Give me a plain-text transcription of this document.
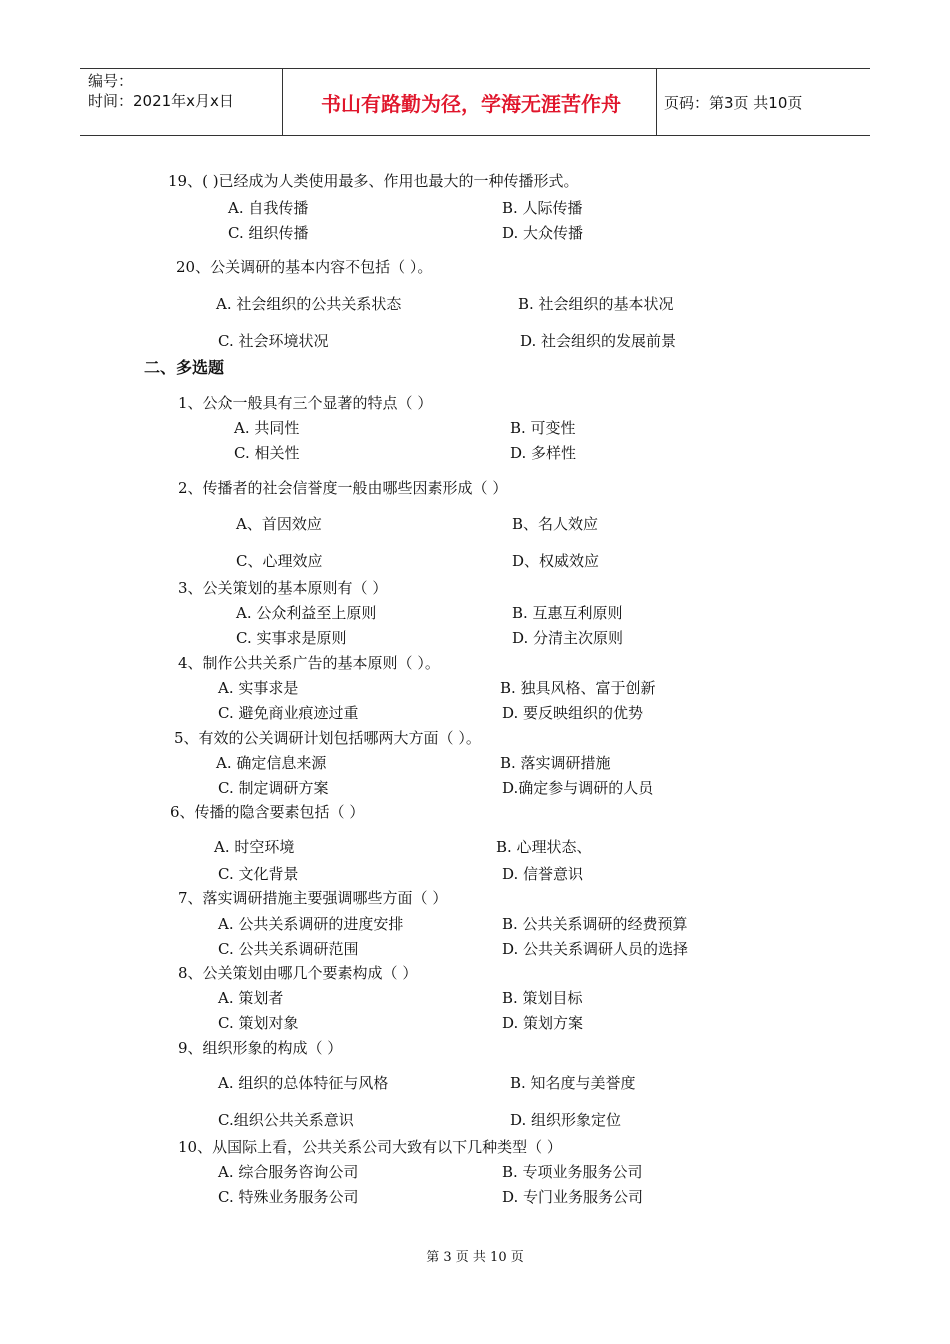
编号：
时间：2021年x月x日	书山有路勤为径，学海无涯苦作舟	页码：第3页 共10页
19、( )已经成为人类使用最多、作用也最大的一种传播形式。
A. 自我传播	B. 人际传播
C. 组织传播	D. 大众传播
20、公关调研的基本内容不包括（ ）。
A. 社会组织的公共关系状态	B. 社会组织的基本状况
C. 社会环境状况	D. 社会组织的发展前景
二、多选题
1、公众一般具有三个显著的特点（ ）
A. 共同性	B. 可变性
C. 相关性	D. 多样性
2、传播者的社会信誉度一般由哪些因素形成（ ）
A、首因效应	B、名人效应
C、心理效应	D、权威效应
3、公关策划的基本原则有（ ）
A. 公众利益至上原则	B. 互惠互利原则
C. 实事求是原则	D. 分清主次原则
4、制作公共关系广告的基本原则（ ）。
A. 实事求是	B. 独具风格、富于创新
C. 避免商业痕迹过重	D. 要反映组织的优势
5、有效的公关调研计划包括哪两大方面（ ）。
A. 确定信息来源	B. 落实调研措施
C. 制定调研方案	D.确定参与调研的人员
6、传播的隐含要素包括（ ）
A. 时空环境	B. 心理状态、
C. 文化背景	D. 信誉意识
7、落实调研措施主要强调哪些方面（ ）
A. 公共关系调研的进度安排	B. 公共关系调研的经费预算
C. 公共关系调研范围	D. 公共关系调研人员的选择
8、公关策划由哪几个要素构成（ ）
A. 策划者	B. 策划目标
C. 策划对象	D. 策划方案
9、组织形象的构成（ ）
A. 组织的总体特征与风格	B. 知名度与美誉度
C.组织公共关系意识	D. 组织形象定位
10、从国际上看，公共关系公司大致有以下几种类型（ ）
A. 综合服务咨询公司	B. 专项业务服务公司
C. 特殊业务服务公司	D. 专门业务服务公司
第 3 页 共 10 页
